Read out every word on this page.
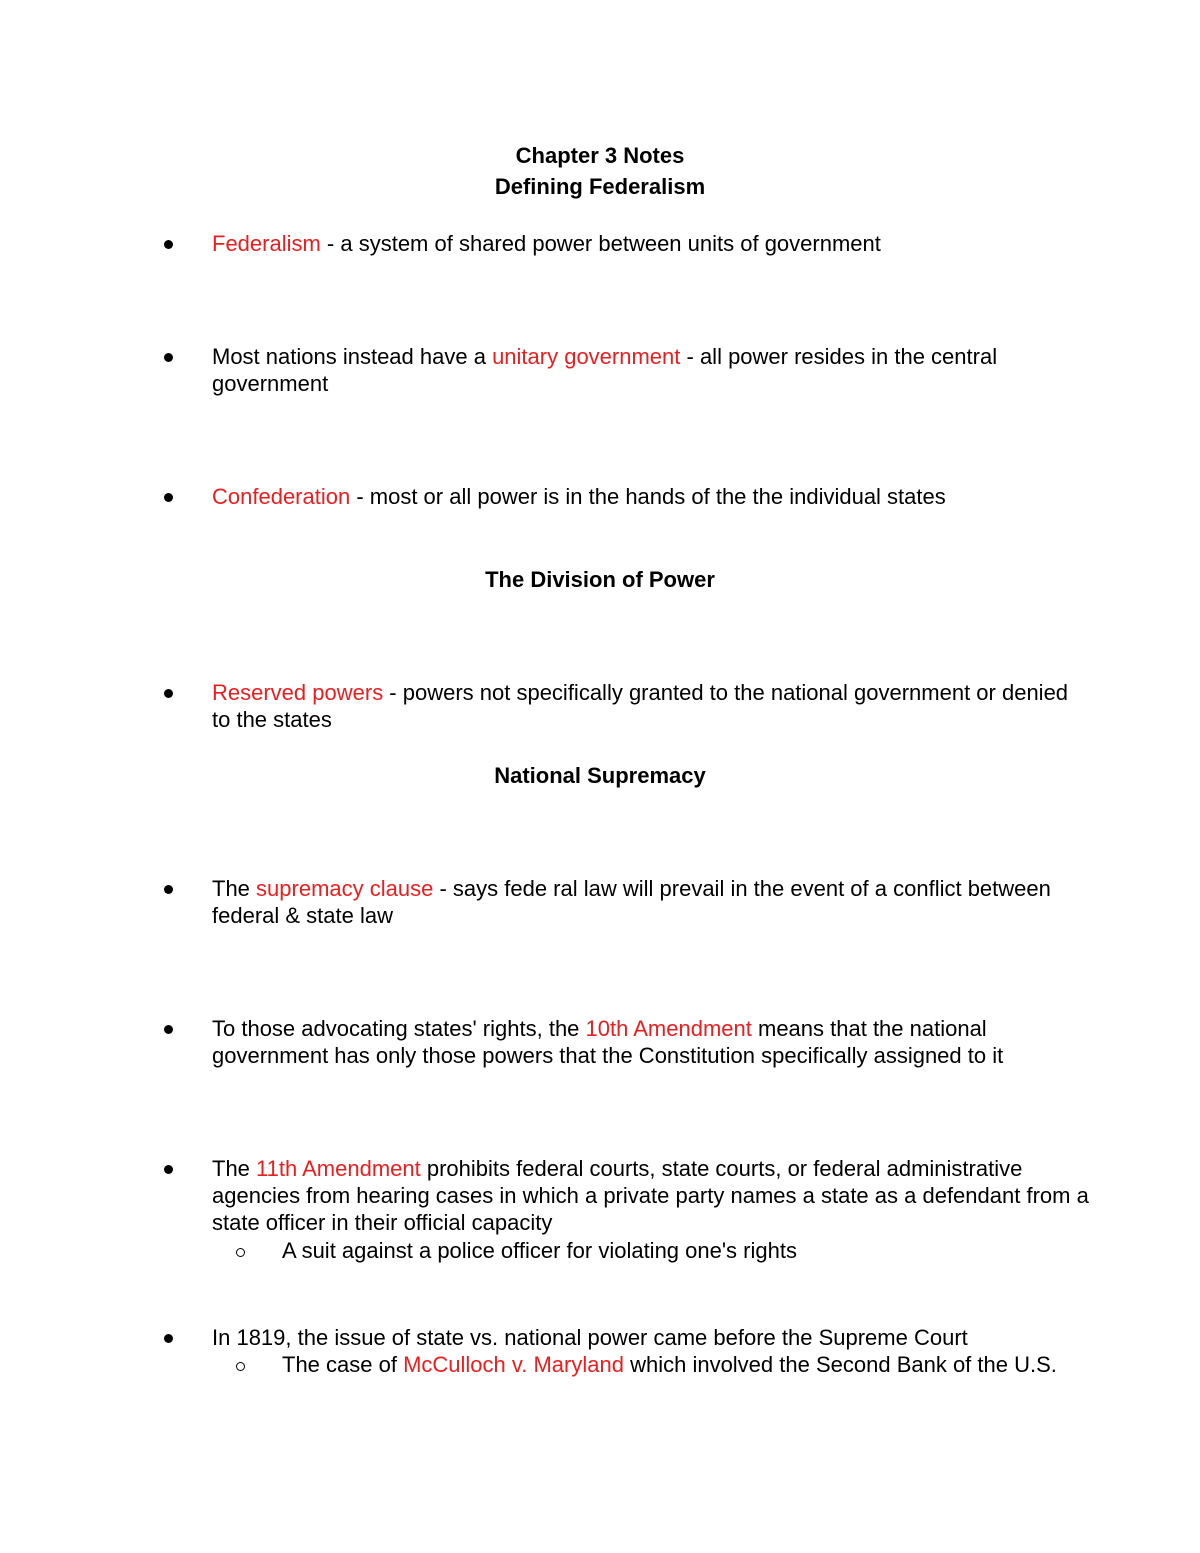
Chapter 3 Notes
Defining Federalism
Federalism - a system of shared power between units of government
Most nations instead have a unitary government - all power resides in the central government
Confederation - most or all power is in the hands of the the individual states
The Division of Power
Reserved powers - powers not specifically granted to the national government or denied to the states
National Supremacy
The supremacy clause - says fede ral law will prevail in the event of a conflict between federal & state law
To those advocating states' rights, the 10th Amendment means that the national government has only those powers that the Constitution specifically assigned to it
The 11th Amendment prohibits federal courts, state courts, or federal administrative agencies from hearing cases in which a private party names a state as a defendant from a state officer in their official capacity
A suit against a police officer for violating one's rights
In 1819, the issue of state vs. national power came before the Supreme Court
The case of McCulloch v. Maryland which involved the Second Bank of the U.S.
